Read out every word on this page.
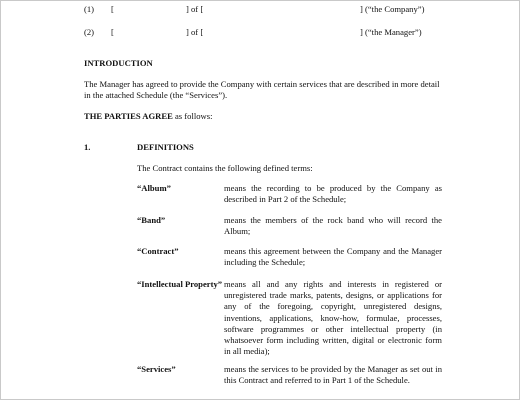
(1) [	] of [	] (“the Company”)
(2) [	] of [	] (“the Manager”)
INTRODUCTION
The Manager has agreed to provide the Company with certain services that are described in more detail in the attached Schedule (the “Services”).
THE PARTIES AGREE as follows:
1.	DEFINITIONS
The Contract contains the following defined terms:
“Album”	means the recording to be produced by the Company as described in Part 2 of the Schedule;
“Band”	means the members of the rock band who will record the Album;
“Contract”	means this agreement between the Company and the Manager including the Schedule;
“Intellectual Property” means all and any rights and interests in registered or unregistered trade marks, patents, designs, or applications for any of the foregoing, copyright, unregistered designs, inventions, applications, know-how, formulae, processes, software programmes or other intellectual property (in whatsoever form including written, digital or electronic form in all media);
“Services”	means the services to be provided by the Manager as set out in this Contract and referred to in Part 1 of the Schedule.
